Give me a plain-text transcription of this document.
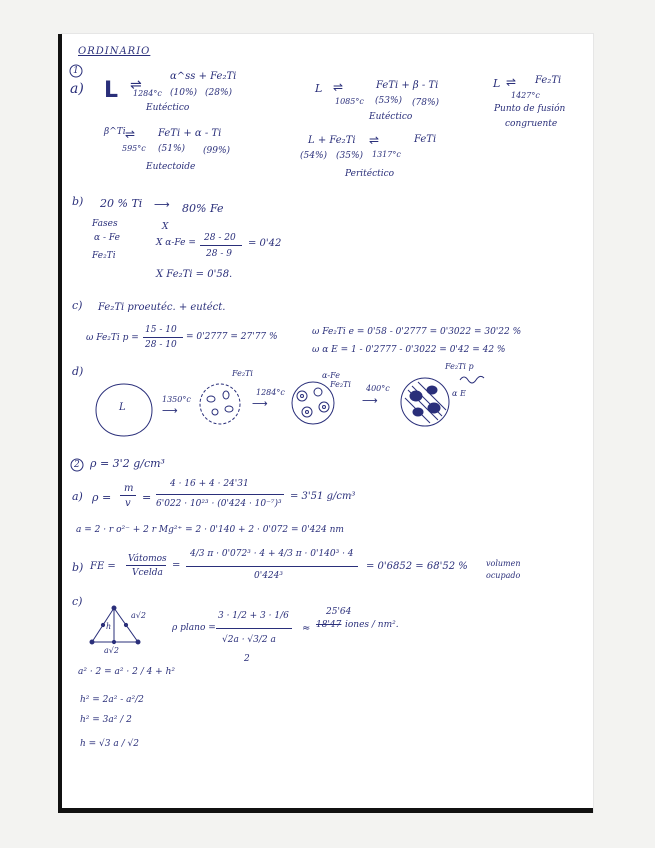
ORDINARIO
1
a) L ⇌
α^ss + Fe₂Ti
1284°c (10%) (28%)
Eutéctico
L ⇌	FeTi + β - Ti
1085°c (53%) (78%)
Eutéctico
L ⇌ Fe₂Ti
1427°c
Punto de fusión
congruente
β^Ti ⇌ FeTi + α - Ti
595°c (51%) (99%)
Eutectoide
L + Fe₂Ti ⇌	FeTi
(54%) (35%) 1317°c
Peritéctico
b) 20 % Ti ⟶ 80% Fe
Fases
α - Fe
Fe₂Ti
X
X α-Fe = 28 - 20
28 - 9
= 0'42
X Fe₂Ti = 0'58.
c) Fe₂Ti proeutéc. + eutéct.
ω Fe₂Ti p =
15 - 10
28 - 10
= 0'2777 = 27'77 %	ω Fe₂Ti e = 0'58 - 0'2777 = 0'3022 = 30'22 %
ω α E = 1 - 0'2777 - 0'3022 = 0'42 = 42 %
d)
L
1350°c
⟶
Fe₂Ti
1284°c
⟶
α-Fe
Fe₂Ti 400°c
⟶
Fe₂Ti p
α E
2 ρ = 3'2 g/cm³
a) ρ =
m
v =
4 · 16 + 4 · 24'31
6'022 · 10²³ · (0'424 · 10⁻⁷)³
= 3'51 g/cm³
a = 2 · r o²⁻ + 2 r Mg²⁺ = 2 · 0'140 + 2 · 0'072 = 0'424 nm
b) FE =
Vátomos
Vcelda
=
4/3 π · 0'072³ · 4 + 4/3 π · 0'140³ · 4
0'424³
= 0'6852 = 68'52 % volumen
ocupado
c)
a√2
h
a√2
ρ plano =
3 · 1/2 + 3 · 1/6
√2a · √3/2 a
2
≈
25'64
18'47 iones / nm².
a² · 2 = a² · 2 / 4 + h²
h² = 2a² - a²/2
h² = 3a² / 2
h = √3 a / √2
